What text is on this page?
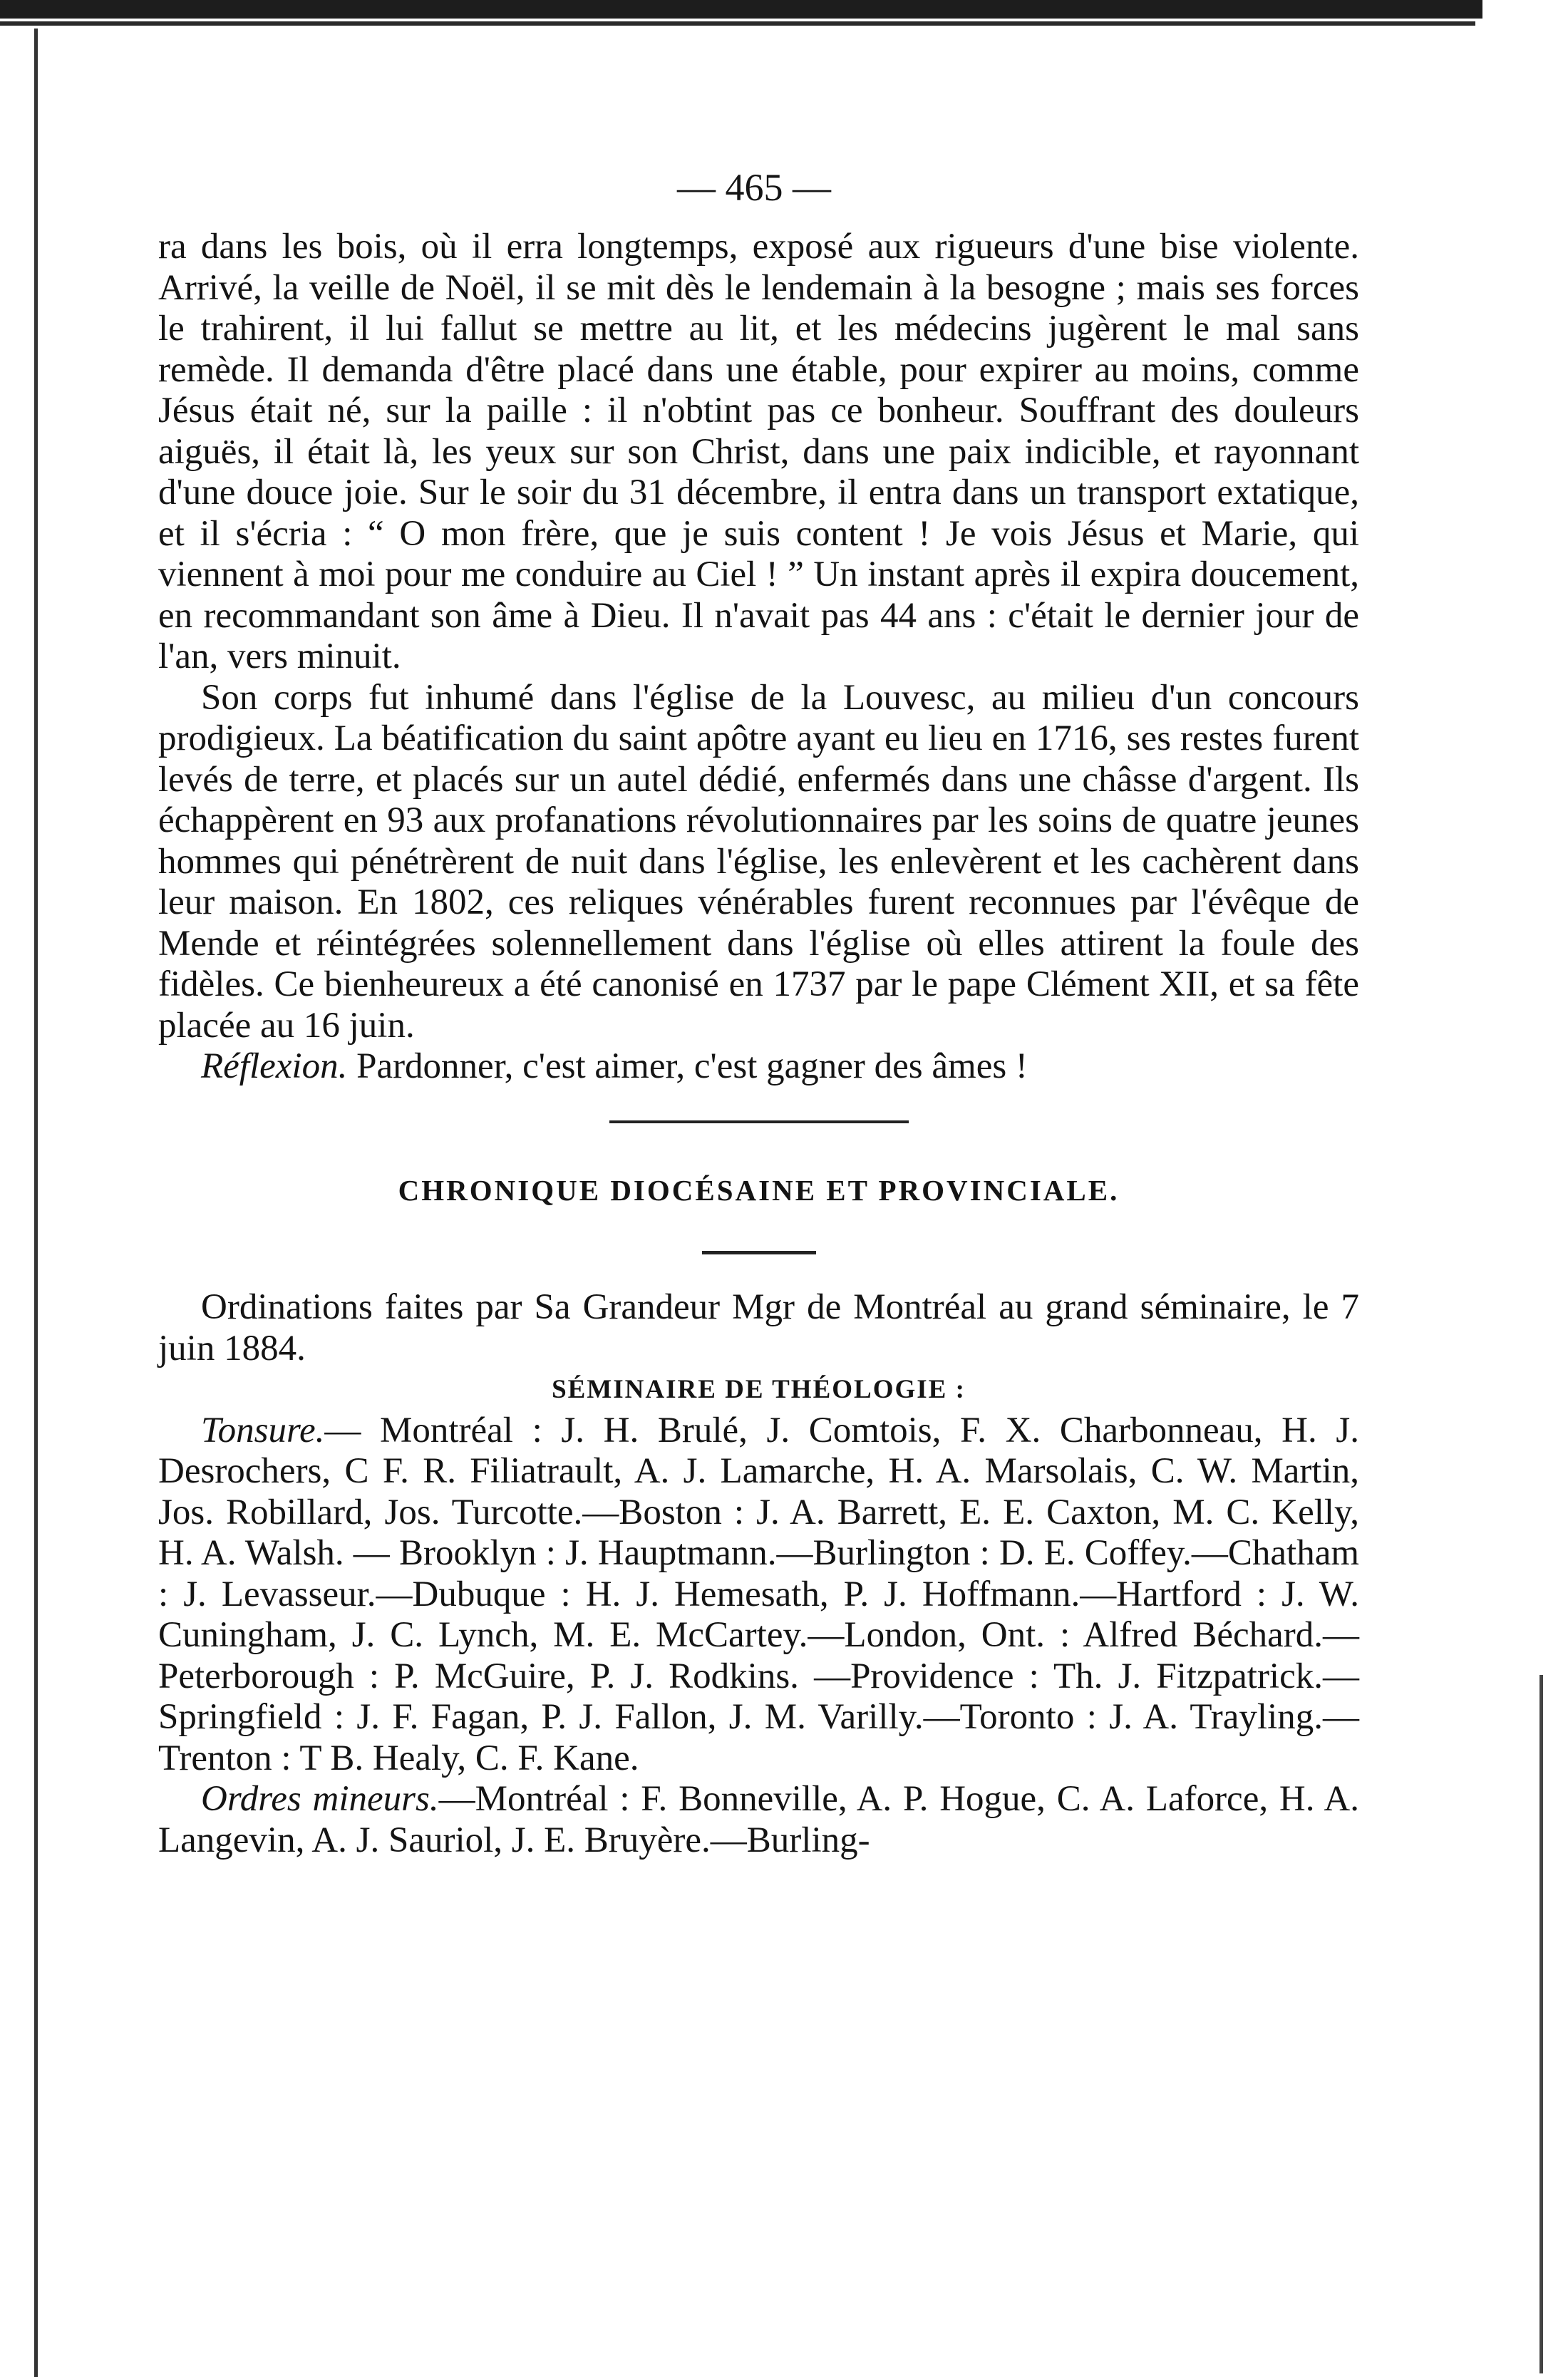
— 465 —

ra dans les bois, où il erra longtemps, exposé aux rigueurs d'une bise violente. Arrivé, la veille de Noël, il se mit dès le lendemain à la besogne ; mais ses forces le trahirent, il lui fallut se mettre au lit, et les médecins jugèrent le mal sans remède. Il demanda d'être placé dans une étable, pour expirer au moins, comme Jésus était né, sur la paille : il n'obtint pas ce bonheur. Souffrant des douleurs aiguës, il était là, les yeux sur son Christ, dans une paix indicible, et rayonnant d'une douce joie. Sur le soir du 31 décembre, il entra dans un transport extatique, et il s'écria : “ O mon frère, que je suis content ! Je vois Jésus et Marie, qui viennent à moi pour me conduire au Ciel ! ” Un instant après il expira doucement, en recommandant son âme à Dieu. Il n'avait pas 44 ans : c'était le dernier jour de l'an, vers minuit.

Son corps fut inhumé dans l'église de la Louvesc, au milieu d'un concours prodigieux. La béatification du saint apôtre ayant eu lieu en 1716, ses restes furent levés de terre, et placés sur un autel dédié, enfermés dans une châsse d'argent. Ils échappèrent en 93 aux profanations révolutionnaires par les soins de quatre jeunes hommes qui pénétrèrent de nuit dans l'église, les enlevèrent et les cachèrent dans leur maison. En 1802, ces reliques vénérables furent reconnues par l'évêque de Mende et réintégrées solennellement dans l'église où elles attirent la foule des fidèles. Ce bienheureux a été canonisé en 1737 par le pape Clément XII, et sa fête placée au 16 juin.

Réflexion. Pardonner, c'est aimer, c'est gagner des âmes !

CHRONIQUE DIOCÉSAINE ET PROVINCIALE.

Ordinations faites par Sa Grandeur Mgr de Montréal au grand séminaire, le 7 juin 1884.

SÉMINAIRE DE THÉOLOGIE :

Tonsure.— Montréal : J. H. Brulé, J. Comtois, F. X. Charbonneau, H. J. Desrochers, C F. R. Filiatrault, A. J. Lamarche, H. A. Marsolais, C. W. Martin, Jos. Robillard, Jos. Turcotte.—Boston : J. A. Barrett, E. E. Caxton, M. C. Kelly, H. A. Walsh. — Brooklyn : J. Hauptmann.—Burlington : D. E. Coffey.—Chatham : J. Levasseur.—Dubuque : H. J. Hemesath, P. J. Hoffmann.—Hartford : J. W. Cuningham, J. C. Lynch, M. E. McCartey.—London, Ont. : Alfred Béchard.—Peterborough : P. McGuire, P. J. Rodkins. —Providence : Th. J. Fitzpatrick.—Springfield : J. F. Fagan, P. J. Fallon, J. M. Varilly.—Toronto : J. A. Trayling.—Trenton : T B. Healy, C. F. Kane.

Ordres mineurs.—Montréal : F. Bonneville, A. P. Hogue, C. A. Laforce, H. A. Langevin, A. J. Sauriol, J. E. Bruyère.—Burling-
